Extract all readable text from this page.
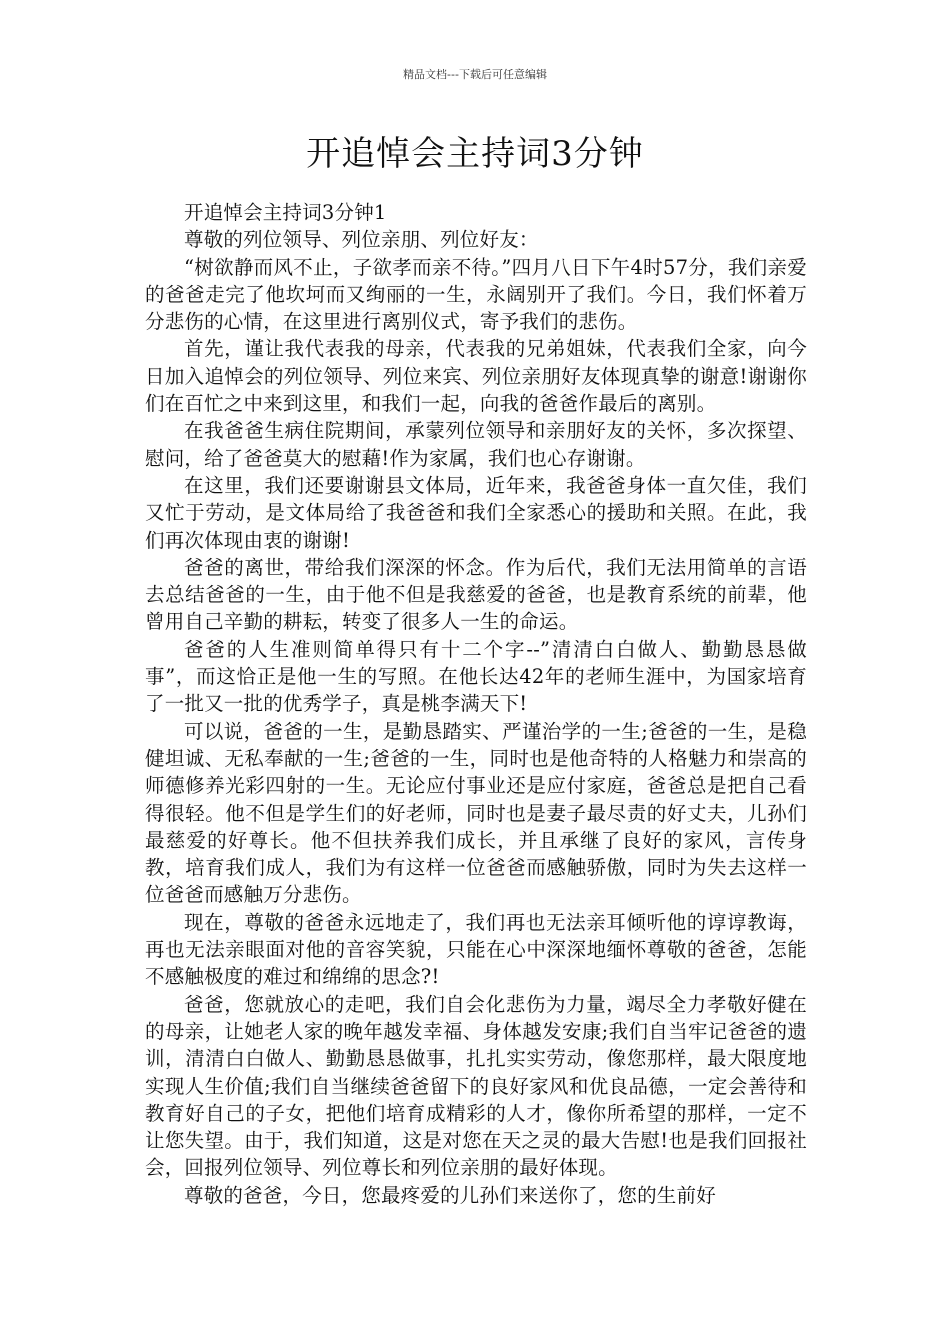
精品文档---下载后可任意编辑
开追悼会主持词3分钟

开追悼会主持词3分钟1

尊敬的列位领导、列位亲朋、列位好友：

“树欲静而风不止，子欲孝而亲不待。”四月八日下午4时57分，我们亲爱的爸爸走完了他坎坷而又绚丽的一生，永阔别开了我们。今日，我们怀着万分悲伤的心情，在这里进行离别仪式，寄予我们的悲伤。

首先，谨让我代表我的母亲，代表我的兄弟姐妹，代表我们全家，向今日加入追悼会的列位领导、列位来宾、列位亲朋好友体现真挚的谢意!谢谢你们在百忙之中来到这里，和我们一起，向我的爸爸作最后的离别。

在我爸爸生病住院期间，承蒙列位领导和亲朋好友的关怀，多次探望、慰问，给了爸爸莫大的慰藉!作为家属，我们也心存谢谢。

在这里，我们还要谢谢县文体局，近年来，我爸爸身体一直欠佳，我们又忙于劳动，是文体局给了我爸爸和我们全家悉心的援助和关照。在此，我们再次体现由衷的谢谢!

爸爸的离世，带给我们深深的怀念。作为后代，我们无法用简单的言语去总结爸爸的一生，由于他不但是我慈爱的爸爸，也是教育系统的前辈，他曾用自己辛勤的耕耘，转变了很多人一生的命运。

爸爸的人生准则简单得只有十二个字--”清清白白做人、勤勤恳恳做事”，而这恰正是他一生的写照。在他长达42年的老师生涯中，为国家培育了一批又一批的优秀学子，真是桃李满天下!

可以说，爸爸的一生，是勤恳踏实、严谨治学的一生;爸爸的一生，是稳健坦诚、无私奉献的一生;爸爸的一生，同时也是他奇特的人格魅力和崇高的师德修养光彩四射的一生。无论应付事业还是应付家庭，爸爸总是把自己看得很轻。他不但是学生们的好老师，同时也是妻子最尽责的好丈夫，儿孙们最慈爱的好尊长。他不但扶养我们成长，并且承继了良好的家风，言传身教，培育我们成人，我们为有这样一位爸爸而感触骄傲，同时为失去这样一位爸爸而感触万分悲伤。

现在，尊敬的爸爸永远地走了，我们再也无法亲耳倾听他的谆谆教诲，再也无法亲眼面对他的音容笑貌，只能在心中深深地缅怀尊敬的爸爸，怎能不感触极度的难过和绵绵的思念?!

爸爸，您就放心的走吧，我们自会化悲伤为力量，竭尽全力孝敬好健在的母亲，让她老人家的晚年越发幸福、身体越发安康;我们自当牢记爸爸的遗训，清清白白做人、勤勤恳恳做事，扎扎实实劳动，像您那样，最大限度地实现人生价值;我们自当继续爸爸留下的良好家风和优良品德，一定会善待和教育好自己的子女，把他们培育成精彩的人才，像你所希望的那样，一定不让您失望。由于，我们知道，这是对您在天之灵的最大告慰!也是我们回报社会，回报列位领导、列位尊长和列位亲朋的最好体现。

尊敬的爸爸，今日，您最疼爱的儿孙们来送你了，您的生前好
